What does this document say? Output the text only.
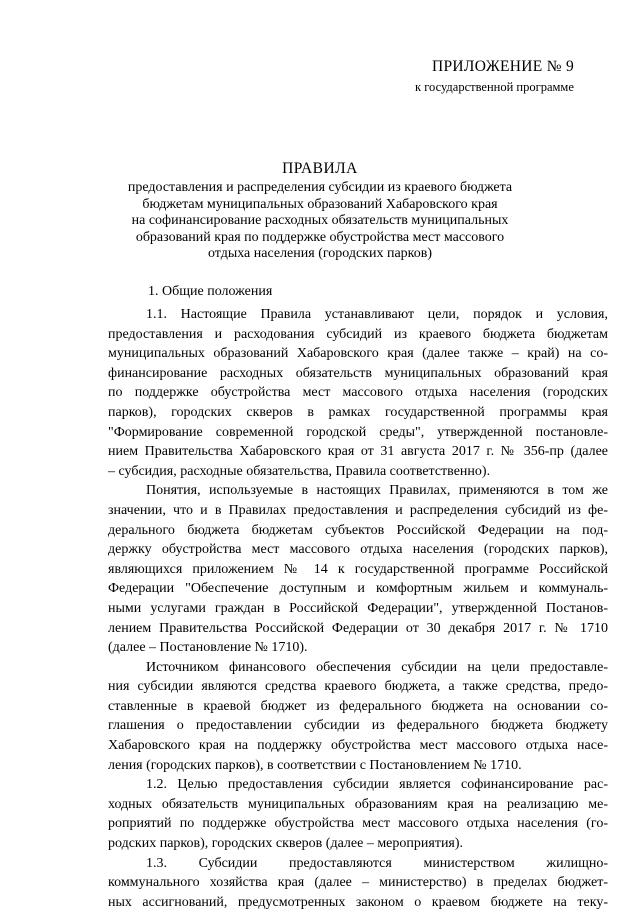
ПРИЛОЖЕНИЕ № 9
к государственной программе
ПРАВИЛА
предоставления и распределения субсидии из краевого бюджета
бюджетам муниципальных образований Хабаровского края
на софинансирование расходных обязательств муниципальных
образований края по поддержке обустройства мест массового
отдыха населения (городских парков)
1. Общие положения
1.1. Настоящие Правила устанавливают цели, порядок и условия,
предоставления и расходования субсидий из краевого бюджета бюджетам
муниципальных образований Хабаровского края (далее также – край) на со-
финансирование расходных обязательств муниципальных образований края
по поддержке обустройства мест массового отдыха населения (городских
парков), городских скверов в рамках государственной программы края
"Формирование современной городской среды", утвержденной постановле-
нием Правительства Хабаровского края от 31 августа 2017 г. № 356-пр (далее
– субсидия, расходные обязательства, Правила соответственно).
Понятия, используемые в настоящих Правилах, применяются в том же
значении, что и в Правилах предоставления и распределения субсидий из фе-
дерального бюджета бюджетам субъектов Российской Федерации на под-
держку обустройства мест массового отдыха населения (городских парков),
являющихся приложением № 14 к государственной программе Российской
Федерации "Обеспечение доступным и комфортным жильем и коммуналь-
ными услугами граждан в Российской Федерации", утвержденной Постанов-
лением Правительства Российской Федерации от 30 декабря 2017 г. № 1710
(далее – Постановление № 1710).
Источником финансового обеспечения субсидии на цели предоставле-
ния субсидии являются средства краевого бюджета, а также средства, предо-
ставленные в краевой бюджет из федерального бюджета на основании со-
глашения о предоставлении субсидии из федерального бюджета бюджету
Хабаровского края на поддержку обустройства мест массового отдыха насе-
ления (городских парков), в соответствии с Постановлением № 1710.
1.2. Целью предоставления субсидии является софинансирование рас-
ходных обязательств муниципальных образованиям края на реализацию ме-
роприятий по поддержке обустройства мест массового отдыха населения (го-
родских парков), городских скверов (далее – мероприятия).
1.3. Субсидии предоставляются министерством жилищно-
коммунального хозяйства края (далее – министерство) в пределах бюджет-
ных ассигнований, предусмотренных законом о краевом бюджете на теку-
